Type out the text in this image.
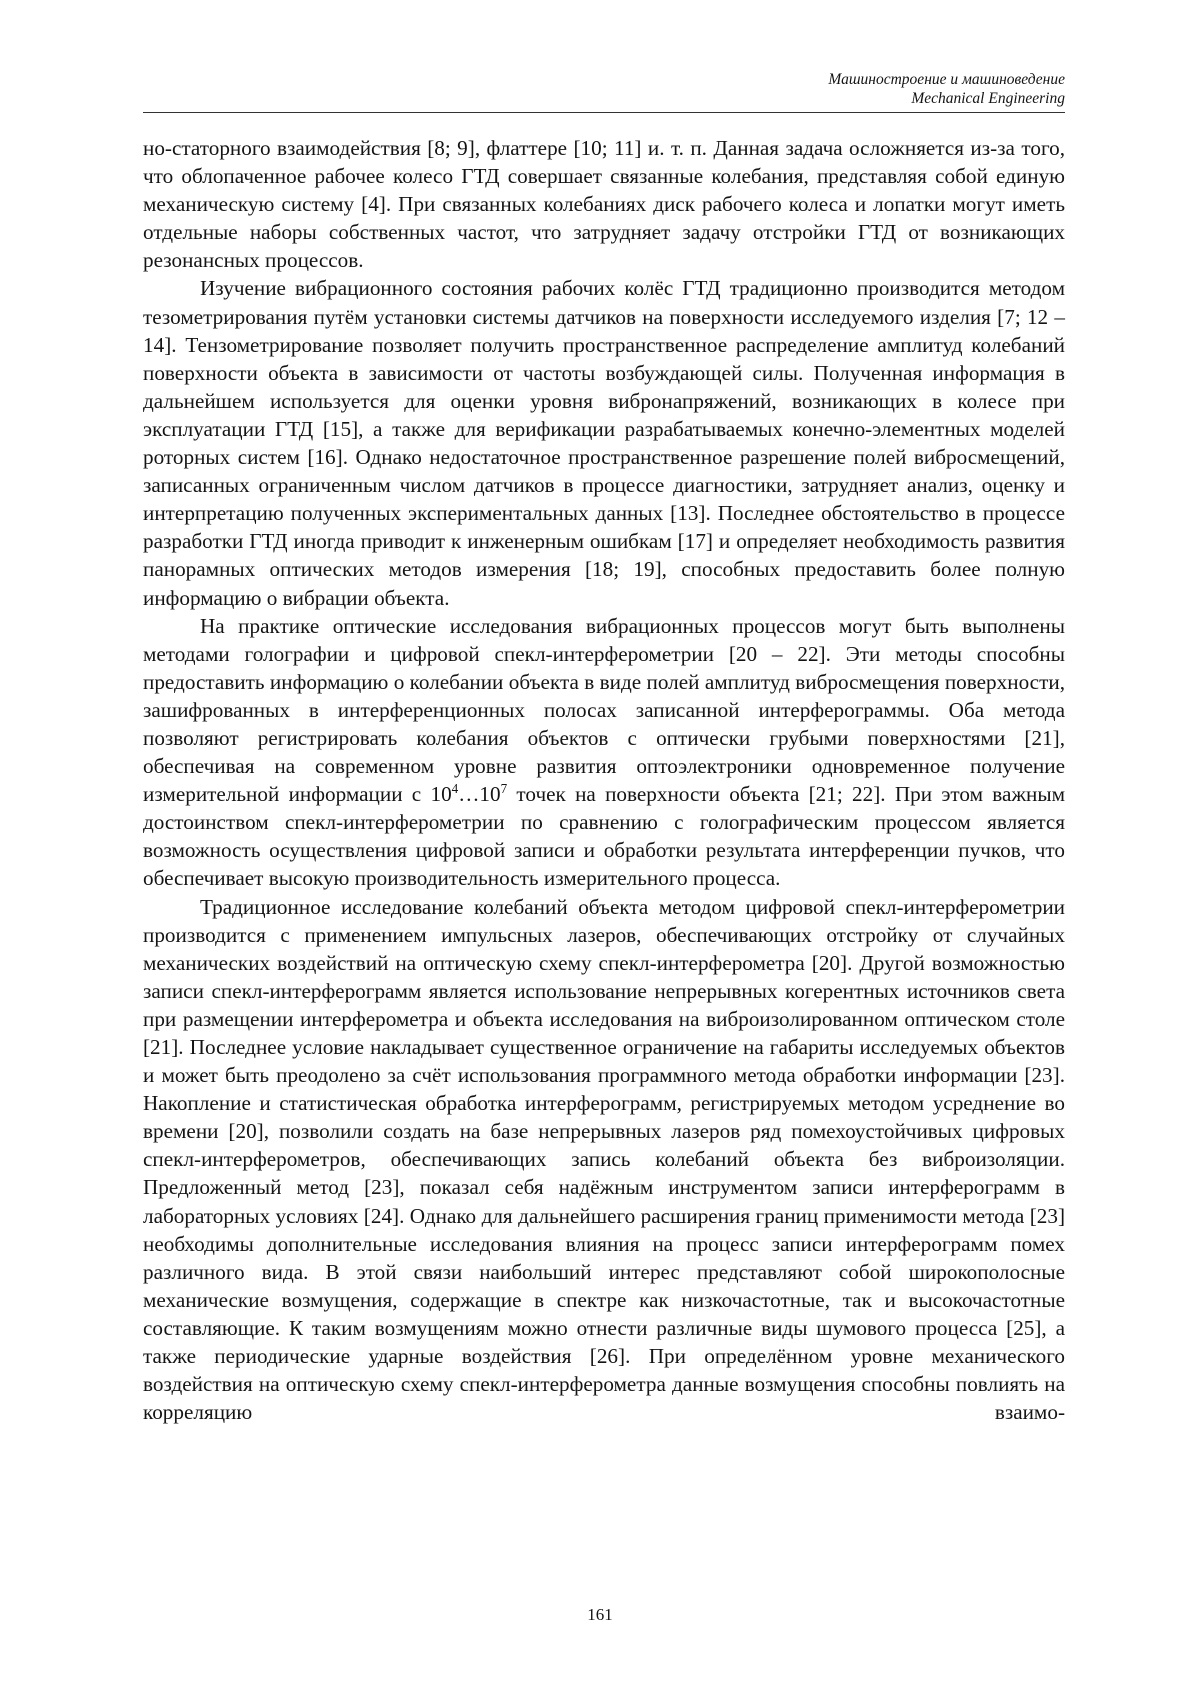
Машиностроение и машиноведение
Mechanical Engineering

но-статорного взаимодействия [8; 9], флаттере [10; 11] и. т. п. Данная задача осложняется из-за того, что облопаченное рабочее колесо ГТД совершает связанные колебания, представляя собой единую механическую систему [4]. При связанных колебаниях диск рабочего колеса и лопатки могут иметь отдельные наборы собственных частот, что затрудняет задачу отстройки ГТД от возникающих резонансных процессов.

Изучение вибрационного состояния рабочих колёс ГТД традиционно производится методом тезометрирования путём установки системы датчиков на поверхности исследуемого изделия [7; 12 – 14]. Тензометрирование позволяет получить пространственное распределение амплитуд колебаний поверхности объекта в зависимости от частоты возбуждающей силы. Полученная информация в дальнейшем используется для оценки уровня вибронапряжений, возникающих в колесе при эксплуатации ГТД [15], а также для верификации разрабатываемых конечно-элементных моделей роторных систем [16]. Однако недостаточное пространственное разрешение полей вибросмещений, записанных ограниченным числом датчиков в процессе диагностики, затрудняет анализ, оценку и интерпретацию полученных экспериментальных данных [13]. Последнее обстоятельство в процессе разработки ГТД иногда приводит к инженерным ошибкам [17] и определяет необходимость развития панорамных оптических методов измерения [18; 19], способных предоставить более полную информацию о вибрации объекта.

На практике оптические исследования вибрационных процессов могут быть выполнены методами голографии и цифровой спекл-интерферометрии [20 – 22]. Эти методы способны предоставить информацию о колебании объекта в виде полей амплитуд вибросмещения поверхности, зашифрованных в интерференционных полосах записанной интерферограммы. Оба метода позволяют регистрировать колебания объектов с оптически грубыми поверхностями [21], обеспечивая на современном уровне развития оптоэлектроники одновременное получение измерительной информации с $10^4\dots 10^7$ точек на поверхности объекта [21; 22]. При этом важным достоинством спекл-интерферометрии по сравнению с голографическим процессом является возможность осуществления цифровой записи и обработки результата интерференции пучков, что обеспечивает высокую производительность измерительного процесса.

Традиционное исследование колебаний объекта методом цифровой спекл-интерферометрии производится с применением импульсных лазеров, обеспечивающих отстройку от случайных механических воздействий на оптическую схему спекл-интерферометра [20]. Другой возможностью записи спекл-интерферограмм является использование непрерывных когерентных источников света при размещении интерферометра и объекта исследования на виброизолированном оптическом столе [21]. Последнее условие накладывает существенное ограничение на габариты исследуемых объектов и может быть преодолено за счёт использования программного метода обработки информации [23]. Накопление и статистическая обработка интерферограмм, регистрируемых методом усреднение во времени [20], позволили создать на базе непрерывных лазеров ряд помехоустойчивых цифровых спекл-интерферометров, обеспечивающих запись колебаний объекта без виброизоляции. Предложенный метод [23], показал себя надёжным инструментом записи интерферограмм в лабораторных условиях [24]. Однако для дальнейшего расширения границ применимости метода [23] необходимы дополнительные исследования влияния на процесс записи интерферограмм помех различного вида. В этой связи наибольший интерес представляют собой широкополосные механические возмущения, содержащие в спектре как низкочастотные, так и высокочастотные составляющие. К таким возмущениям можно отнести различные виды шумового процесса [25], а также периодические ударные воздействия [26]. При определённом уровне механического воздействия на оптическую схему спекл-интерферометра данные возмущения способны повлиять на корреляцию взаимо-

161
